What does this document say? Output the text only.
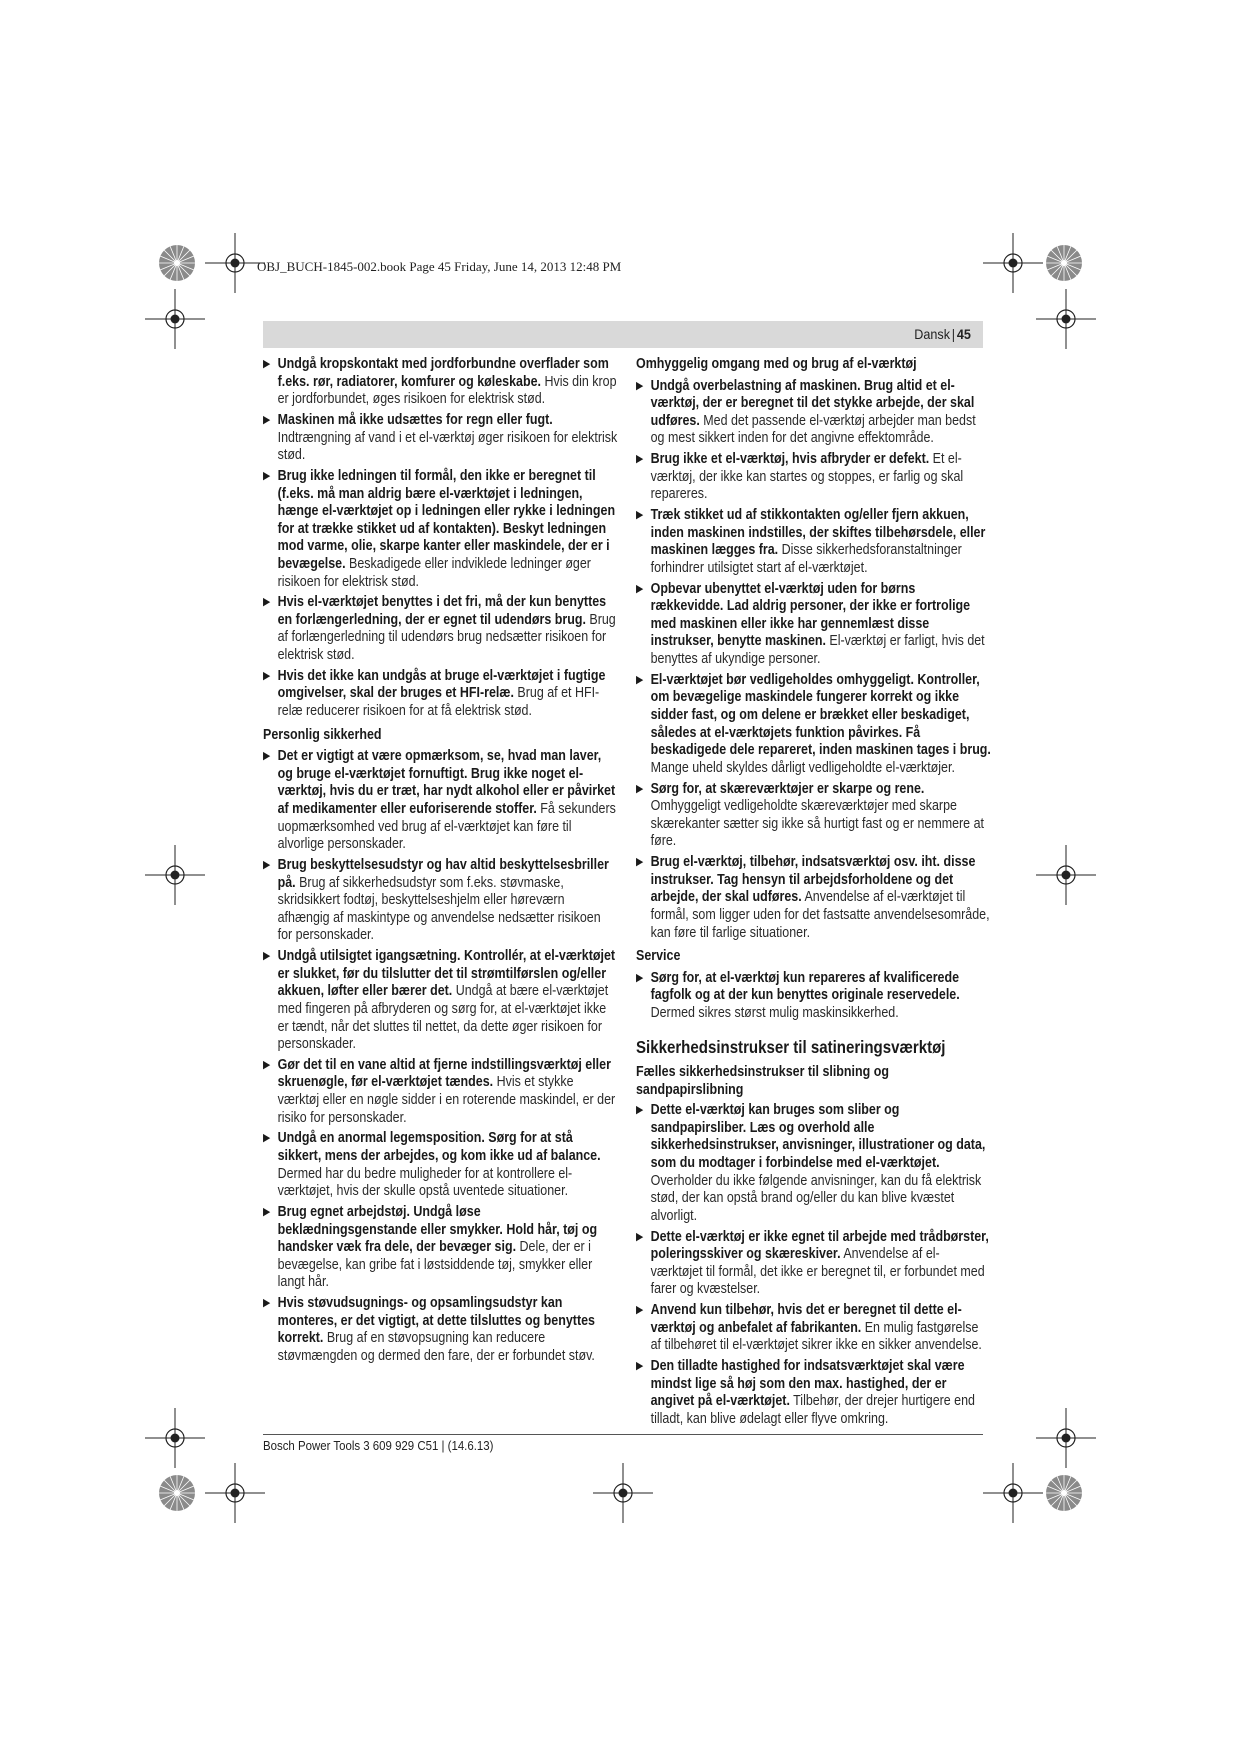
OBJ_BUCH-1845-002.book Page 45 Friday, June 14, 2013 12:48 PM
Dansk | 45
▶ Undgå kropskontakt med jordforbundne overflader som f.eks. rør, radiatorer, komfurer og køleskabe. Hvis din krop er jordforbundet, øges risikoen for elektrisk stød.
▶ Maskinen må ikke udsættes for regn eller fugt. Indtrængning af vand i et el-værktøj øger risikoen for elektrisk stød.
▶ Brug ikke ledningen til formål, den ikke er beregnet til (f.eks. må man aldrig bære el-værktøjet i ledningen, hænge el-værktøjet op i ledningen eller rykke i ledningen for at trække stikket ud af kontakten). Beskyt ledningen mod varme, olie, skarpe kanter eller maskindele, der er i bevægelse. Beskadigede eller indviklede ledninger øger risikoen for elektrisk stød.
▶ Hvis el-værktøjet benyttes i det fri, må der kun benyttes en forlængerledning, der er egnet til udendørs brug. Brug af forlængerledning til udendørs brug nedsætter risikoen for elektrisk stød.
▶ Hvis det ikke kan undgås at bruge el-værktøjet i fugtige omgivelser, skal der bruges et HFI-relæ. Brug af et HFI-relæ reducerer risikoen for at få elektrisk stød.
Personlig sikkerhed
▶ Det er vigtigt at være opmærksom, se, hvad man laver, og bruge el-værktøjet fornuftigt. Brug ikke noget el-værktøj, hvis du er træt, har nydt alkohol eller er påvirket af medikamenter eller euforiserende stoffer. Få sekunders uopmærksomhed ved brug af el-værktøjet kan føre til alvorlige personskader.
▶ Brug beskyttelsesudstyr og hav altid beskyttelsesbriller på. Brug af sikkerhedsudstyr som f.eks. støvmaske, skridsikkert fodtøj, beskyttelseshjelm eller høreværn afhængig af maskintype og anvendelse nedsætter risikoen for personskader.
▶ Undgå utilsigtet igangsætning. Kontrollér, at el-værktøjet er slukket, før du tilslutter det til strømtilførslen og/eller akkuen, løfter eller bærer det. Undgå at bære el-værktøjet med fingeren på afbryderen og sørg for, at el-værktøjet ikke er tændt, når det sluttes til nettet, da dette øger risikoen for personskader.
▶ Gør det til en vane altid at fjerne indstillingsværktøj eller skruenøgle, før el-værktøjet tændes. Hvis et stykke værktøj eller en nøgle sidder i en roterende maskindel, er der risiko for personskader.
▶ Undgå en anormal legemsposition. Sørg for at stå sikkert, mens der arbejdes, og kom ikke ud af balance. Dermed har du bedre muligheder for at kontrollere el-værktøjet, hvis der skulle opstå uventede situationer.
▶ Brug egnet arbejdstøj. Undgå løse beklædningsgenstande eller smykker. Hold hår, tøj og handsker væk fra dele, der bevæger sig. Dele, der er i bevægelse, kan gribe fat i løstsiddende tøj, smykker eller langt hår.
▶ Hvis støvudsugnings- og opsamlingsudstyr kan monteres, er det vigtigt, at dette tilsluttes og benyttes korrekt. Brug af en støvopsugning kan reducere støvmængden og dermed den fare, der er forbundet støv.
Omhyggelig omgang med og brug af el-værktøj
▶ Undgå overbelastning af maskinen. Brug altid et el-værktøj, der er beregnet til det stykke arbejde, der skal udføres. Med det passende el-værktøj arbejder man bedst og mest sikkert inden for det angivne effektområde.
▶ Brug ikke et el-værktøj, hvis afbryder er defekt. Et el-værktøj, der ikke kan startes og stoppes, er farlig og skal repareres.
▶ Træk stikket ud af stikkontakten og/eller fjern akkuen, inden maskinen indstilles, der skiftes tilbehørsdele, eller maskinen lægges fra. Disse sikkerhedsforanstaltninger forhindrer utilsigtet start af el-værktøjet.
▶ Opbevar ubenyttet el-værktøj uden for børns rækkevidde. Lad aldrig personer, der ikke er fortrolige med maskinen eller ikke har gennemlæst disse instrukser, benytte maskinen. El-værktøj er farligt, hvis det benyttes af ukyndige personer.
▶ El-værktøjet bør vedligeholdes omhyggeligt. Kontroller, om bevægelige maskindele fungerer korrekt og ikke sidder fast, og om delene er brækket eller beskadiget, således at el-værktøjets funktion påvirkes. Få beskadigede dele repareret, inden maskinen tages i brug. Mange uheld skyldes dårligt vedligeholdte el-værktøjer.
▶ Sørg for, at skæreværktøjer er skarpe og rene. Omhyggeligt vedligeholdte skæreværktøjer med skarpe skærekanter sætter sig ikke så hurtigt fast og er nemmere at føre.
▶ Brug el-værktøj, tilbehør, indsatsværktøj osv. iht. disse instrukser. Tag hensyn til arbejdsforholdene og det arbejde, der skal udføres. Anvendelse af el-værktøjet til formål, som ligger uden for det fastsatte anvendelsesområde, kan føre til farlige situationer.
Service
▶ Sørg for, at el-værktøj kun repareres af kvalificerede fagfolk og at der kun benyttes originale reservedele. Dermed sikres størst mulig maskinsikkerhed.
Sikkerhedsinstrukser til satineringsværktøj
Fælles sikkerhedsinstrukser til slibning og sandpapirslibning
▶ Dette el-værktøj kan bruges som sliber og sandpapirsliber. Læs og overhold alle sikkerhedsinstrukser, anvisninger, illustrationer og data, som du modtager i forbindelse med el-værktøjet. Overholder du ikke følgende anvisninger, kan du få elektrisk stød, der kan opstå brand og/eller du kan blive kvæstet alvorligt.
▶ Dette el-værktøj er ikke egnet til arbejde med trådbørster, poleringsskiver og skæreskiver. Anvendelse af el-værktøjet til formål, det ikke er beregnet til, er forbundet med farer og kvæstelser.
▶ Anvend kun tilbehør, hvis det er beregnet til dette el-værktøj og anbefalet af fabrikanten. En mulig fastgørelse af tilbehøret til el-værktøjet sikrer ikke en sikker anvendelse.
▶ Den tilladte hastighed for indsatsværktøjet skal være mindst lige så høj som den max. hastighed, der er angivet på el-værktøjet. Tilbehør, der drejer hurtigere end tilladt, kan blive ødelagt eller flyve omkring.
Bosch Power Tools 3 609 929 C51 | (14.6.13)
